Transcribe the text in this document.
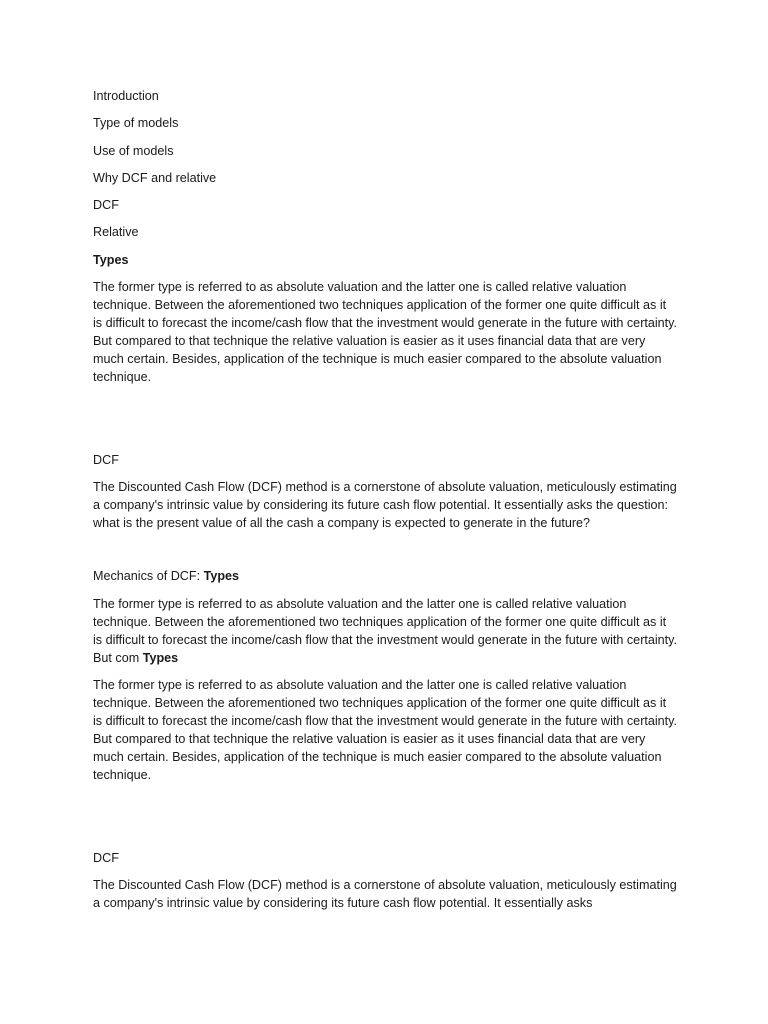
Introduction
Type of models
Use of models
Why DCF and relative
DCF
Relative
Types

The former type is referred to as absolute valuation and the latter one is called relative valuation technique. Between the aforementioned two techniques application of the former one quite difficult as it is difficult to forecast the income/cash flow that the investment would generate in the future with certainty. But compared to that technique the relative valuation is easier as it uses financial data that are very much certain. Besides, application of the technique is much easier compared to the absolute valuation technique.

DCF

The Discounted Cash Flow (DCF) method is a cornerstone of absolute valuation, meticulously estimating a company's intrinsic value by considering its future cash flow potential. It essentially asks the question: what is the present value of all the cash a company is expected to generate in the future?

Mechanics of DCF: Types

The former type is referred to as absolute valuation and the latter one is called relative valuation technique. Between the aforementioned two techniques application of the former one quite difficult as it is difficult to forecast the income/cash flow that the investment would generate in the future with certainty. But com Types

The former type is referred to as absolute valuation and the latter one is called relative valuation technique. Between the aforementioned two techniques application of the former one quite difficult as it is difficult to forecast the income/cash flow that the investment would generate in the future with certainty. But compared to that technique the relative valuation is easier as it uses financial data that are very much certain. Besides, application of the technique is much easier compared to the absolute valuation technique.

DCF

The Discounted Cash Flow (DCF) method is a cornerstone of absolute valuation, meticulously estimating a company's intrinsic value by considering its future cash flow potential. It essentially asks
